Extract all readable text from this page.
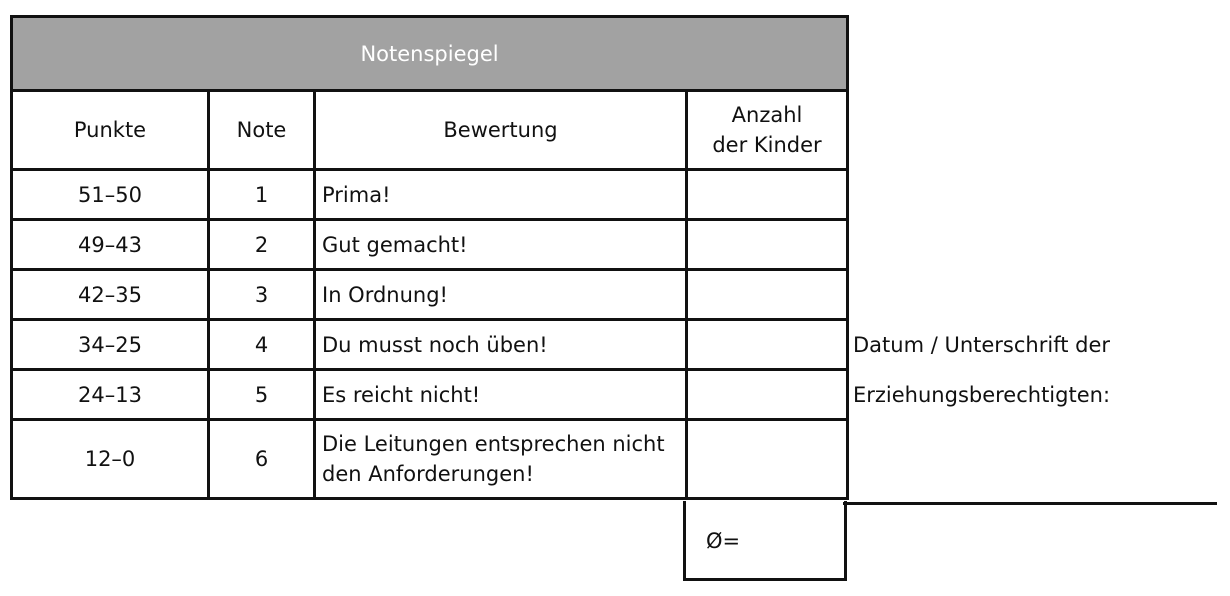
Notenspiegel			
Punkte	Note	Bewertung	Anzahl
der Kinder
51–50	1	Prima!	
49–43	2	Gut gemacht!	
42–35	3	In Ordnung!	
34–25	4	Du musst noch üben!	
24–13	5	Es reicht nicht!	
12–0	6	Die Leitungen entsprechen nicht
den Anforderungen!	
Ø=
Datum / Unterschrift der
Erziehungsberechtigten:
